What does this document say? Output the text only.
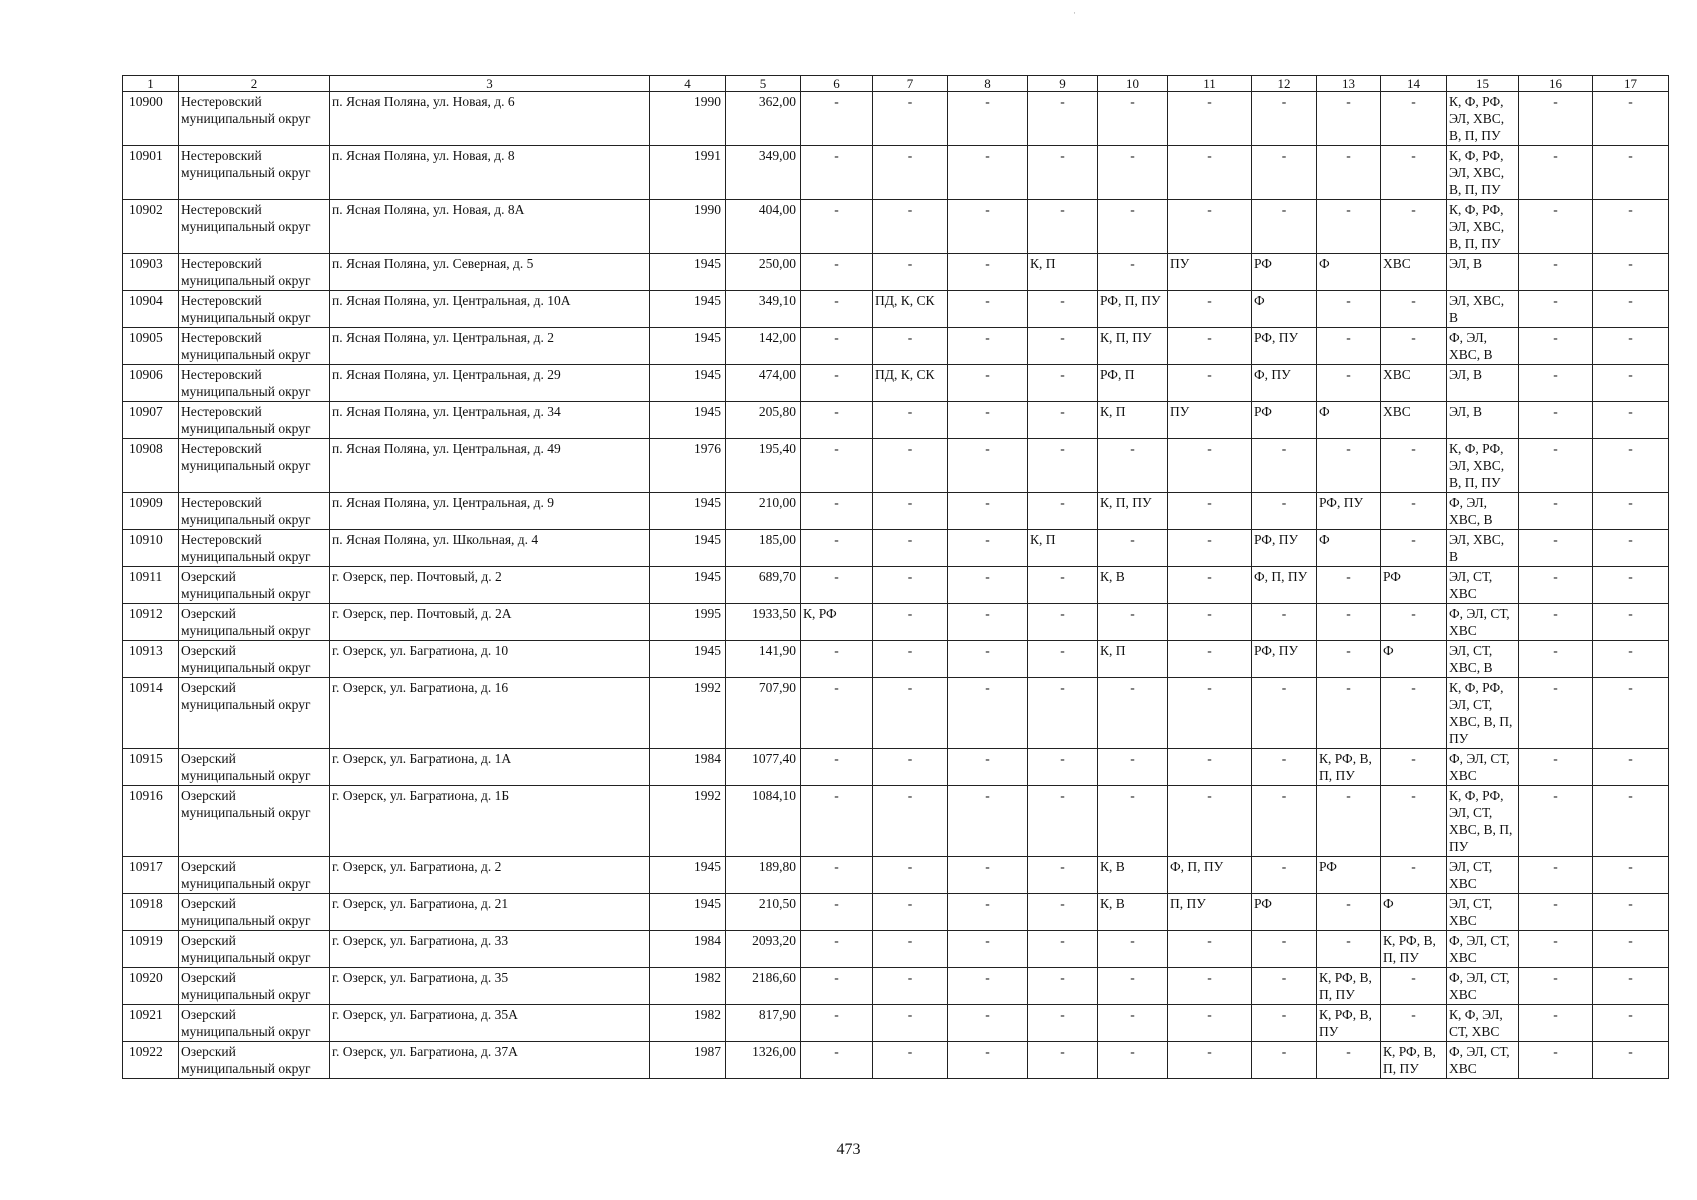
·
1	2	3	4	5	6	7	8	9	10	11	12	13	14	15	16	17
10900	Нестеровский муниципальный округ	п. Ясная Поляна, ул. Новая, д. 6	1990	362,00	-	-	-	-	-	-	-	-	-	К, Ф, РФ, ЭЛ, ХВС, В, П, ПУ	-	-
10901	Нестеровский муниципальный округ	п. Ясная Поляна, ул. Новая, д. 8	1991	349,00	-	-	-	-	-	-	-	-	-	К, Ф, РФ, ЭЛ, ХВС, В, П, ПУ	-	-
10902	Нестеровский муниципальный округ	п. Ясная Поляна, ул. Новая, д. 8А	1990	404,00	-	-	-	-	-	-	-	-	-	К, Ф, РФ, ЭЛ, ХВС, В, П, ПУ	-	-
10903	Нестеровский муниципальный округ	п. Ясная Поляна, ул. Северная, д. 5	1945	250,00	-	-	-	К, П	-	ПУ	РФ	Ф	ХВС	ЭЛ, В	-	-
10904	Нестеровский муниципальный округ	п. Ясная Поляна, ул. Центральная, д. 10А	1945	349,10	-	ПД, К, СК	-	-	РФ, П, ПУ	-	Ф	-	-	ЭЛ, ХВС, В	-	-
10905	Нестеровский муниципальный округ	п. Ясная Поляна, ул. Центральная, д. 2	1945	142,00	-	-	-	-	К, П, ПУ	-	РФ, ПУ	-	-	Ф, ЭЛ, ХВС, В	-	-
10906	Нестеровский муниципальный округ	п. Ясная Поляна, ул. Центральная, д. 29	1945	474,00	-	ПД, К, СК	-	-	РФ, П	-	Ф, ПУ	-	ХВС	ЭЛ, В	-	-
10907	Нестеровский муниципальный округ	п. Ясная Поляна, ул. Центральная, д. 34	1945	205,80	-	-	-	-	К, П	ПУ	РФ	Ф	ХВС	ЭЛ, В	-	-
10908	Нестеровский муниципальный округ	п. Ясная Поляна, ул. Центральная, д. 49	1976	195,40	-	-	-	-	-	-	-	-	-	К, Ф, РФ, ЭЛ, ХВС, В, П, ПУ	-	-
10909	Нестеровский муниципальный округ	п. Ясная Поляна, ул. Центральная, д. 9	1945	210,00	-	-	-	-	К, П, ПУ	-	-	РФ, ПУ	-	Ф, ЭЛ, ХВС, В	-	-
10910	Нестеровский муниципальный округ	п. Ясная Поляна, ул. Школьная, д. 4	1945	185,00	-	-	-	К, П	-	-	РФ, ПУ	Ф	-	ЭЛ, ХВС, В	-	-
10911	Озерский муниципальный округ	г. Озерск, пер. Почтовый, д. 2	1945	689,70	-	-	-	-	К, В	-	Ф, П, ПУ	-	РФ	ЭЛ, СТ, ХВС	-	-
10912	Озерский муниципальный округ	г. Озерск, пер. Почтовый, д. 2А	1995	1933,50	К, РФ	-	-	-	-	-	-	-	-	Ф, ЭЛ, СТ, ХВС	-	-
10913	Озерский муниципальный округ	г. Озерск, ул. Багратиона, д. 10	1945	141,90	-	-	-	-	К, П	-	РФ, ПУ	-	Ф	ЭЛ, СТ, ХВС, В	-	-
10914	Озерский муниципальный округ	г. Озерск, ул. Багратиона, д. 16	1992	707,90	-	-	-	-	-	-	-	-	-	К, Ф, РФ, ЭЛ, СТ, ХВС, В, П, ПУ	-	-
10915	Озерский муниципальный округ	г. Озерск, ул. Багратиона, д. 1А	1984	1077,40	-	-	-	-	-	-	-	К, РФ, В, П, ПУ	-	Ф, ЭЛ, СТ, ХВС	-	-
10916	Озерский муниципальный округ	г. Озерск, ул. Багратиона, д. 1Б	1992	1084,10	-	-	-	-	-	-	-	-	-	К, Ф, РФ, ЭЛ, СТ, ХВС, В, П, ПУ	-	-
10917	Озерский муниципальный округ	г. Озерск, ул. Багратиона, д. 2	1945	189,80	-	-	-	-	К, В	Ф, П, ПУ	-	РФ	-	ЭЛ, СТ, ХВС	-	-
10918	Озерский муниципальный округ	г. Озерск, ул. Багратиона, д. 21	1945	210,50	-	-	-	-	К, В	П, ПУ	РФ	-	Ф	ЭЛ, СТ, ХВС	-	-
10919	Озерский муниципальный округ	г. Озерск, ул. Багратиона, д. 33	1984	2093,20	-	-	-	-	-	-	-	-	К, РФ, В, П, ПУ	Ф, ЭЛ, СТ, ХВС	-	-
10920	Озерский муниципальный округ	г. Озерск, ул. Багратиона, д. 35	1982	2186,60	-	-	-	-	-	-	-	К, РФ, В, П, ПУ	-	Ф, ЭЛ, СТ, ХВС	-	-
10921	Озерский муниципальный округ	г. Озерск, ул. Багратиона, д. 35А	1982	817,90	-	-	-	-	-	-	-	К, РФ, В, ПУ	-	К, Ф, ЭЛ, СТ, ХВС	-	-
10922	Озерский муниципальный округ	г. Озерск, ул. Багратиона, д. 37А	1987	1326,00	-	-	-	-	-	-	-	-	К, РФ, В, П, ПУ	Ф, ЭЛ, СТ, ХВС	-	-
473
